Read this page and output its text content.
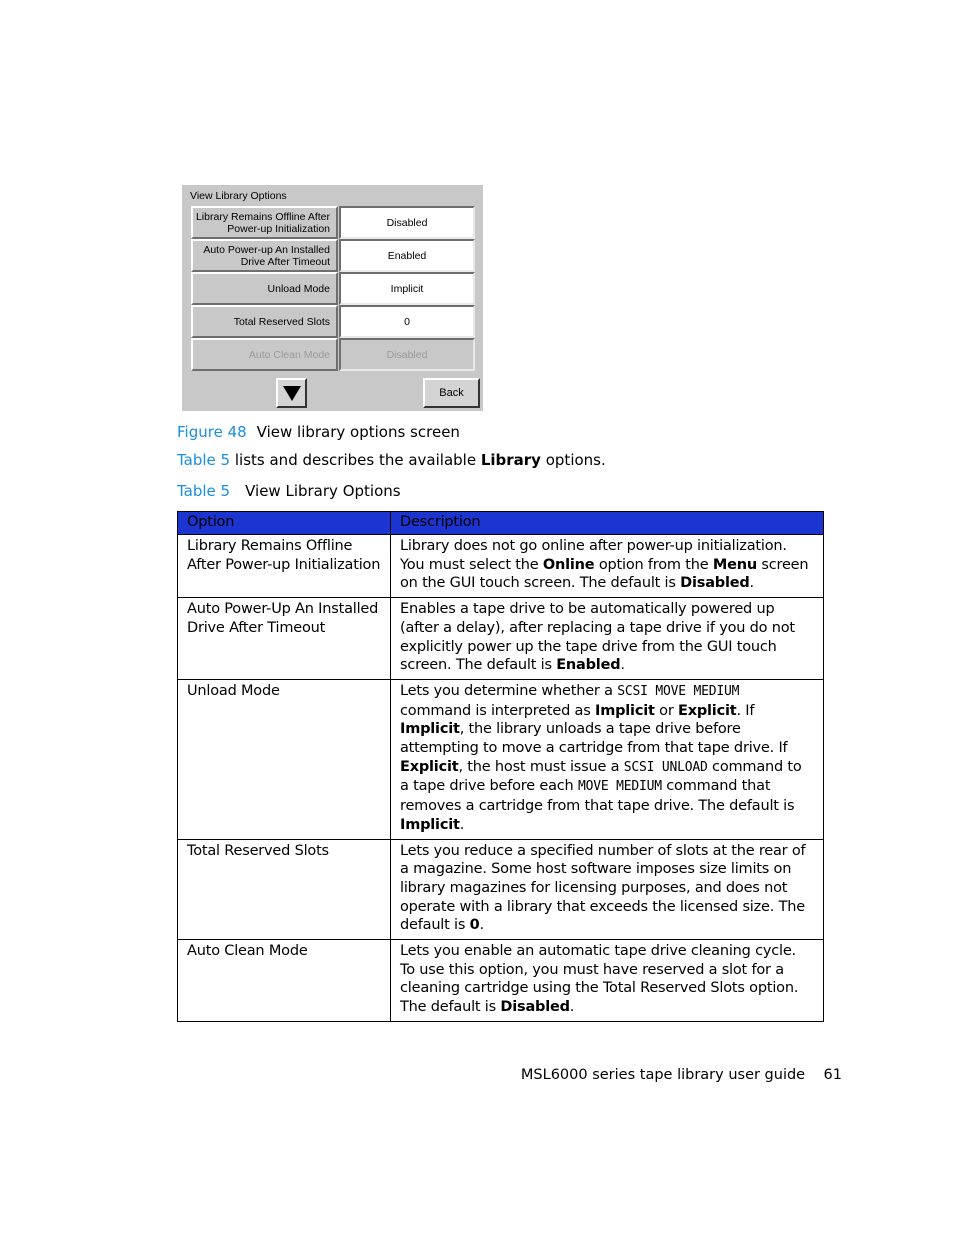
View Library Options
Library Remains Offline After
Power-up Initialization	Disabled
Auto Power-up An Installed
Drive After Timeout	Enabled
Unload Mode	Implicit
Total Reserved Slots	0
Auto Clean Mode	Disabled
Back
Figure 48 View library options screen
Table 5 lists and describes the available Library options.
Table 5 View Library Options
Option	Description
Library Remains Offline After Power-up Initialization	Library does not go online after power-up initialization. You must select the Online option from the Menu screen on the GUI touch screen. The default is Disabled.
Auto Power-Up An Installed Drive After Timeout	Enables a tape drive to be automatically powered up (after a delay), after replacing a tape drive if you do not explicitly power up the tape drive from the GUI touch screen. The default is Enabled.
Unload Mode	Lets you determine whether a SCSI MOVE MEDIUM command is interpreted as Implicit or Explicit. If Implicit, the library unloads a tape drive before attempting to move a cartridge from that tape drive. If Explicit, the host must issue a SCSI UNLOAD command to a tape drive before each MOVE MEDIUM command that removes a cartridge from that tape drive. The default is Implicit.
Total Reserved Slots	Lets you reduce a specified number of slots at the rear of a magazine. Some host software imposes size limits on library magazines for licensing purposes, and does not operate with a library that exceeds the licensed size. The default is 0.
Auto Clean Mode	Lets you enable an automatic tape drive cleaning cycle. To use this option, you must have reserved a slot for a cleaning cartridge using the Total Reserved Slots option. The default is Disabled.
MSL6000 series tape library user guide 61
